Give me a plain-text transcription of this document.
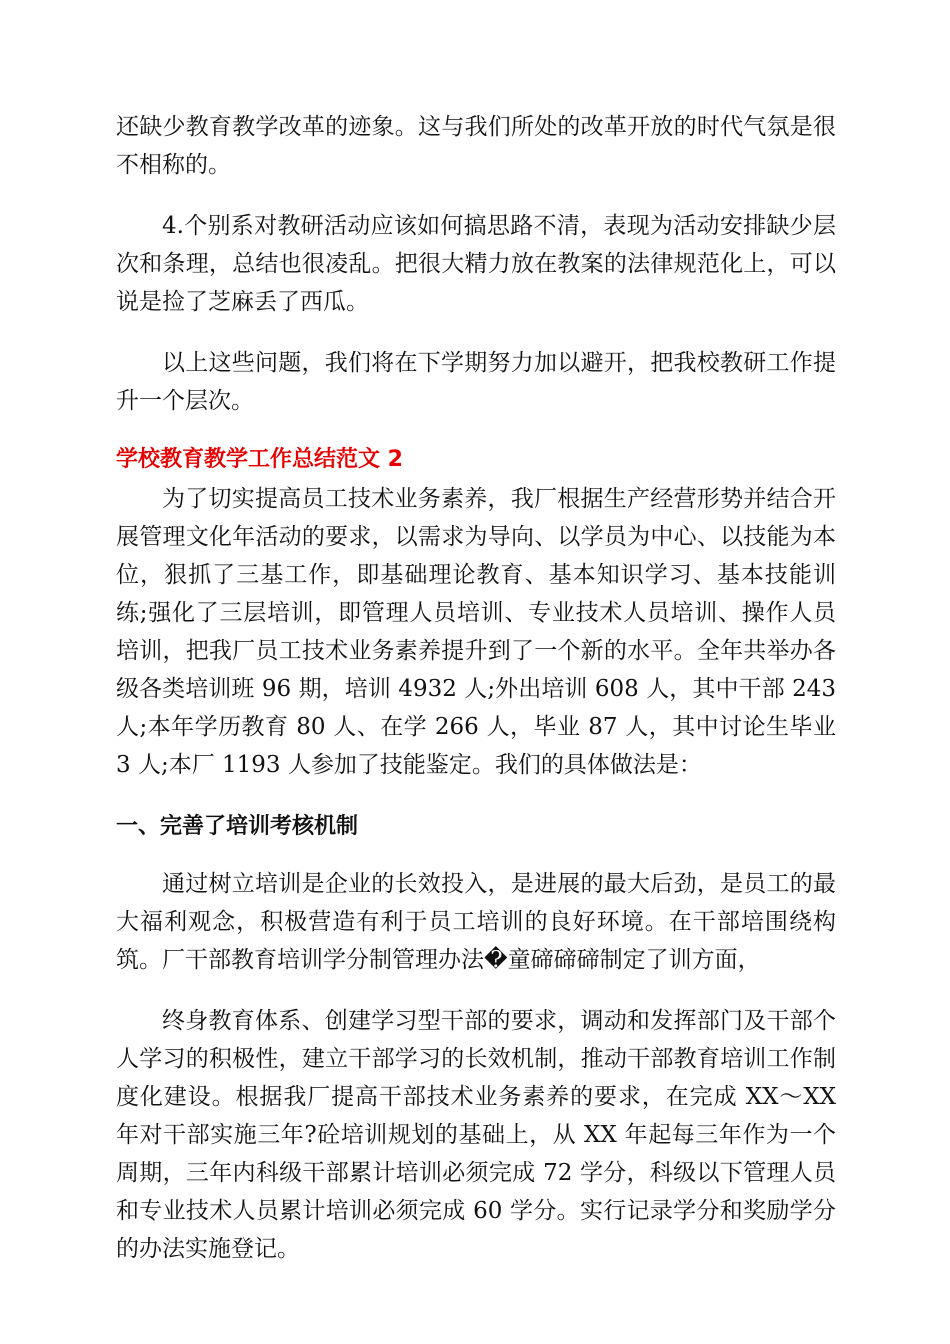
还缺少教育教学改革的迹象。这与我们所处的改革开放的时代气氛是很不相称的。

4.个别系对教研活动应该如何搞思路不清，表现为活动安排缺少层次和条理，总结也很凌乱。把很大精力放在教案的法律规范化上，可以说是捡了芝麻丢了西瓜。

以上这些问题，我们将在下学期努力加以避开，把我校教研工作提升一个层次。

学校教育教学工作总结范文 2

为了切实提高员工技术业务素养，我厂根据生产经营形势并结合开展管理文化年活动的要求，以需求为导向、以学员为中心、以技能为本位，狠抓了三基工作，即基础理论教育、基本知识学习、基本技能训练;强化了三层培训，即管理人员培训、专业技术人员培训、操作人员培训，把我厂员工技术业务素养提升到了一个新的水平。全年共举办各级各类培训班 96 期，培训 4932 人;外出培训 608 人，其中干部 243 人;本年学历教育 80 人、在学 266 人，毕业 87 人，其中讨论生毕业 3 人;本厂 1193 人参加了技能鉴定。我们的具体做法是：

一、完善了培训考核机制

通过树立培训是企业的长效投入，是进展的最大后劲，是员工的最大福利观念，积极营造有利于员工培训的良好环境。在干部培围绕构筑。厂干部教育培训学分制管理办法�童碲碲碲制定了训方面，

终身教育体系、创建学习型干部的要求，调动和发挥部门及干部个人学习的积极性，建立干部学习的长效机制，推动干部教育培训工作制度化建设。根据我厂提高干部技术业务素养的要求，在完成 XX～XX 年对干部实施三年?砼培训规划的基础上，从 XX 年起每三年作为一个周期，三年内科级干部累计培训必须完成 72 学分，科级以下管理人员和专业技术人员累计培训必须完成 60 学分。实行记录学分和奖励学分的办法实施登记。
